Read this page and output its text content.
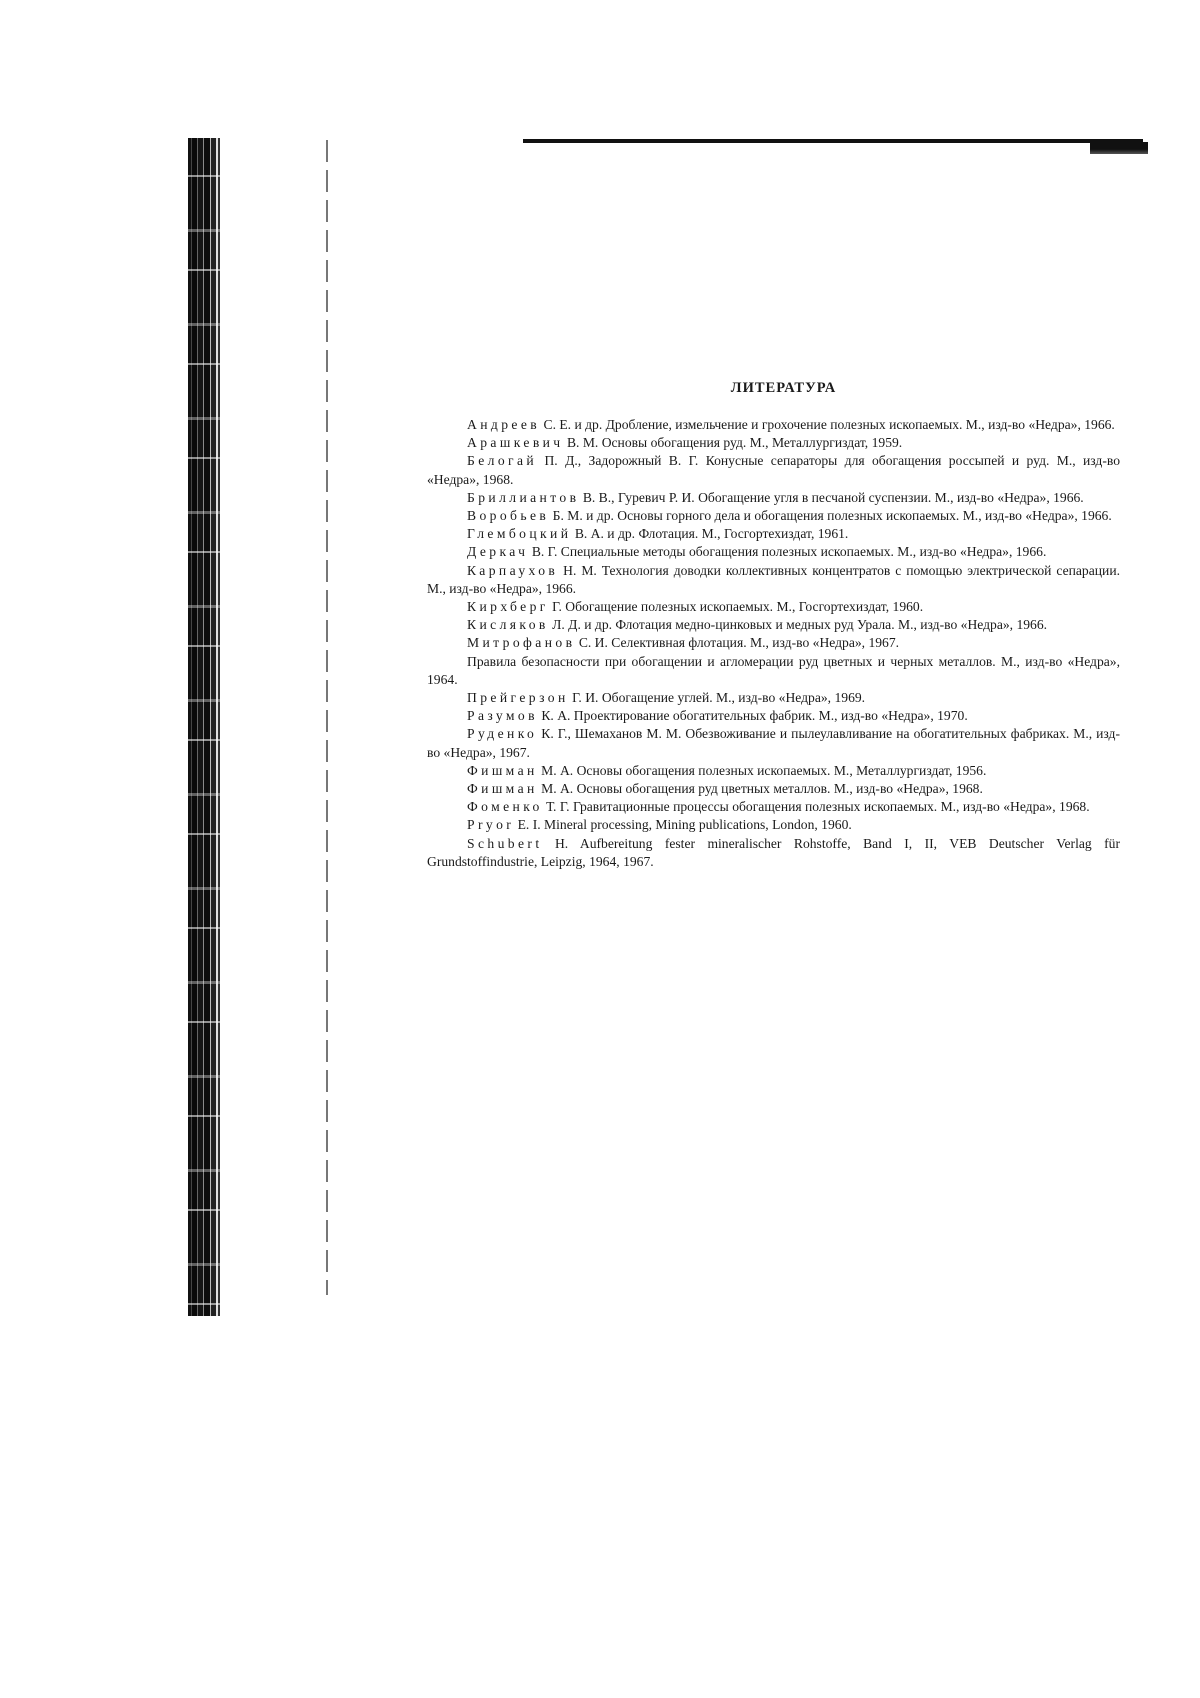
ЛИТЕРАТУРА
Андреев С. Е. и др. Дробление, измельчение и грохочение полезных ископаемых. М., изд-во «Недра», 1966.
Арашкевич В. М. Основы обогащения руд. М., Металлургиздат, 1959.
Белогай П. Д., Задорожный В. Г. Конусные сепараторы для обогащения россыпей и руд. М., изд-во «Недра», 1968.
Бриллиантов В. В., Гуревич Р. И. Обогащение угля в песчаной суспензии. М., изд-во «Недра», 1966.
Воробьев Б. М. и др. Основы горного дела и обогащения полезных ископаемых. М., изд-во «Недра», 1966.
Глембоцкий В. А. и др. Флотация. М., Госгортехиздат, 1961.
Деркач В. Г. Специальные методы обогащения полезных ископаемых. М., изд-во «Недра», 1966.
Карпаухов Н. М. Технология доводки коллективных концентратов с помощью электрической сепарации. М., изд-во «Недра», 1966.
Кирхберг Г. Обогащение полезных ископаемых. М., Госгортехиздат, 1960.
Кисляков Л. Д. и др. Флотация медно-цинковых и медных руд Урала. М., изд-во «Недра», 1966.
Митрофанов С. И. Селективная флотация. М., изд-во «Недра», 1967.
Правила безопасности при обогащении и агломерации руд цветных и черных металлов. М., изд-во «Недра», 1964.
Прейгерзон Г. И. Обогащение углей. М., изд-во «Недра», 1969.
Разумов К. А. Проектирование обогатительных фабрик. М., изд-во «Недра», 1970.
Руденко К. Г., Шемаханов М. М. Обезвоживание и пылеулавливание на обогатительных фабриках. М., изд-во «Недра», 1967.
Фишман М. А. Основы обогащения полезных ископаемых. М., Металлургиздат, 1956.
Фишман М. А. Основы обогащения руд цветных металлов. М., изд-во «Недра», 1968.
Фоменко Т. Г. Гравитационные процессы обогащения полезных ископаемых. М., изд-во «Недра», 1968.
Pryor E. I. Mineral processing, Mining publications, London, 1960.
Schubert H. Aufbereitung fester mineralischer Rohstoffe, Band I, II, VEB Deutscher Verlag für Grundstoffindustrie, Leipzig, 1964, 1967.
